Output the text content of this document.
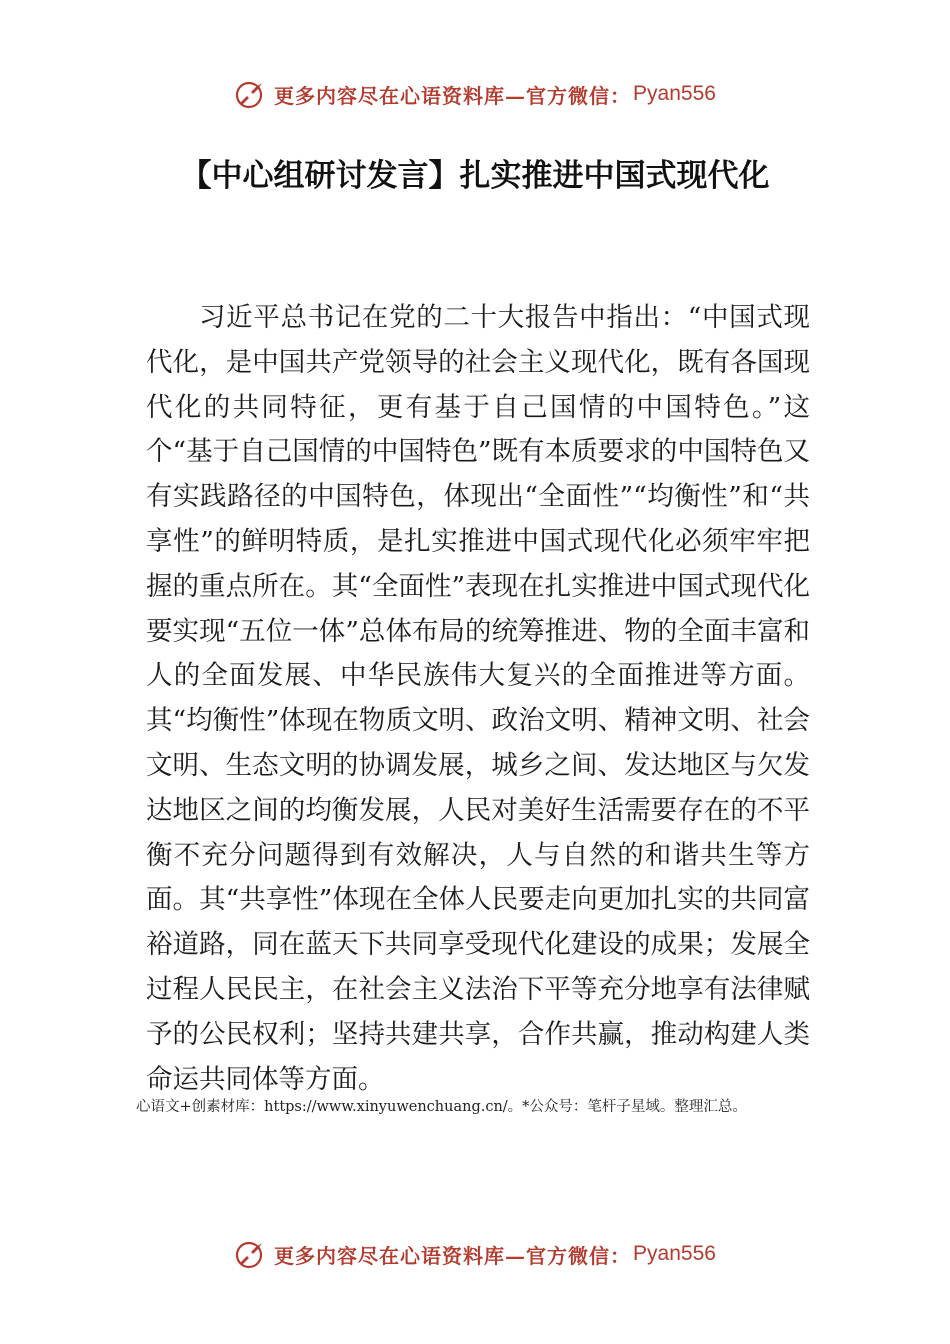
更多内容尽在心语资料库—官方微信： Pyan556
【中心组研讨发言】扎实推进中国式现代化

习近平总书记在党的二十大报告中指出：“中国式现代化，是中国共产党领导的社会主义现代化，既有各国现代化的共同特征，更有基于自己国情的中国特色。”这个“基于自己国情的中国特色”既有本质要求的中国特色又有实践路径的中国特色，体现出“全面性”“均衡性”和“共享性”的鲜明特质，是扎实推进中国式现代化必须牢牢把握的重点所在。其“全面性”表现在扎实推进中国式现代化要实现“五位一体”总体布局的统筹推进、物的全面丰富和人的全面发展、中华民族伟大复兴的全面推进等方面。其“均衡性”体现在物质文明、政治文明、精神文明、社会文明、生态文明的协调发展，城乡之间、发达地区与欠发达地区之间的均衡发展，人民对美好生活需要存在的不平衡不充分问题得到有效解决，人与自然的和谐共生等方面。其“共享性”体现在全体人民要走向更加扎实的共同富裕道路，同在蓝天下共同享受现代化建设的成果；发展全过程人民民主，在社会主义法治下平等充分地享有法律赋予的公民权利；坚持共建共享，合作共赢，推动构建人类命运共同体等方面。

心语文+创素材库：https://www.xinyuwenchuang.cn/。*公众号：笔杆子星域。整理汇总。

更多内容尽在心语资料库—官方微信： Pyan556
